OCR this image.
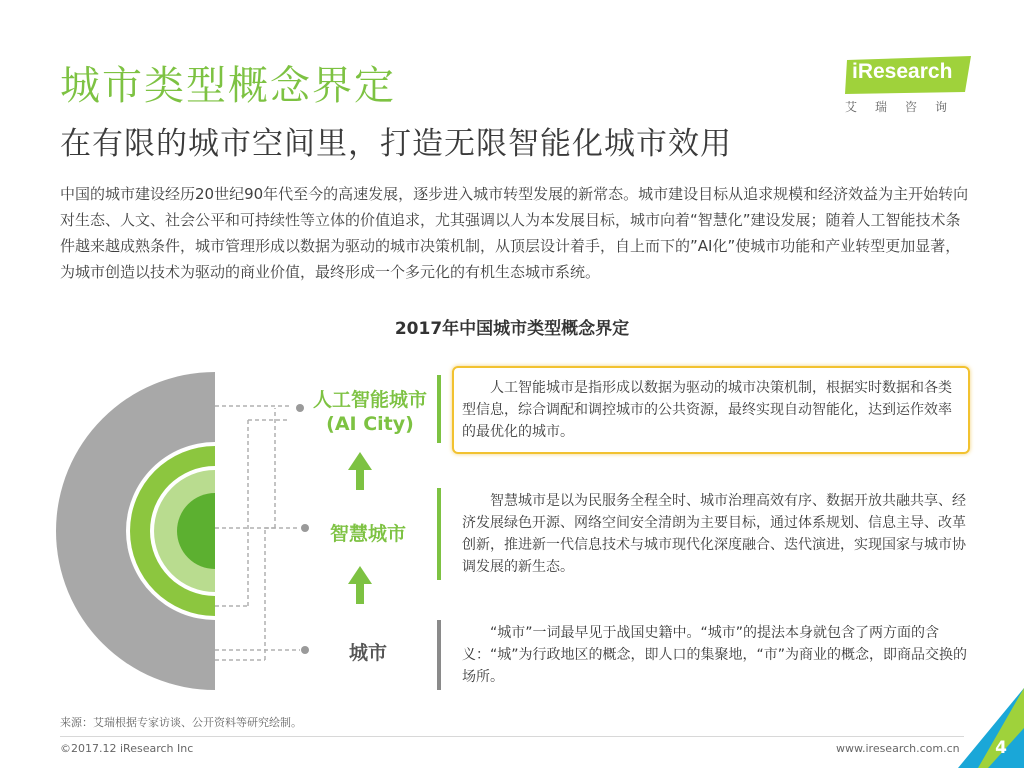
城市类型概念界定
在有限的城市空间里，打造无限智能化城市效用
iResearch
艾瑞咨询

中国的城市建设经历20世纪90年代至今的高速发展，逐步进入城市转型发展的新常态。城市建设目标从追求规模和经济效益为主开始转向对生态、人文、社会公平和可持续性等立体的价值追求，尤其强调以人为本发展目标，城市向着“智慧化”建设发展；随着人工智能技术条件越来越成熟条件，城市管理形成以数据为驱动的城市决策机制，从顶层设计着手，自上而下的”AI化”使城市功能和产业转型更加显著，为城市创造以技术为驱动的商业价值，最终形成一个多元化的有机生态城市系统。

2017年中国城市类型概念界定
人工智能城市
(AI City)
智慧城市
城市
人工智能城市是指形成以数据为驱动的城市决策机制，根据实时数据和各类型信息，综合调配和调控城市的公共资源，最终实现自动智能化，达到运作效率的最优化的城市。
智慧城市是以为民服务全程全时、城市治理高效有序、数据开放共融共享、经济发展绿色开源、网络空间安全清朗为主要目标，通过体系规划、信息主导、改革创新，推进新一代信息技术与城市现代化深度融合、迭代演进，实现国家与城市协调发展的新生态。
“城市”一词最早见于战国史籍中。“城市”的提法本身就包含了两方面的含义：“城”为行政地区的概念，即人口的集聚地，“市”为商业的概念，即商品交换的场所。
来源：艾瑞根据专家访谈、公开资料等研究绘制。
©2017.12 iResearch Inc	www.iresearch.com.cn	4
